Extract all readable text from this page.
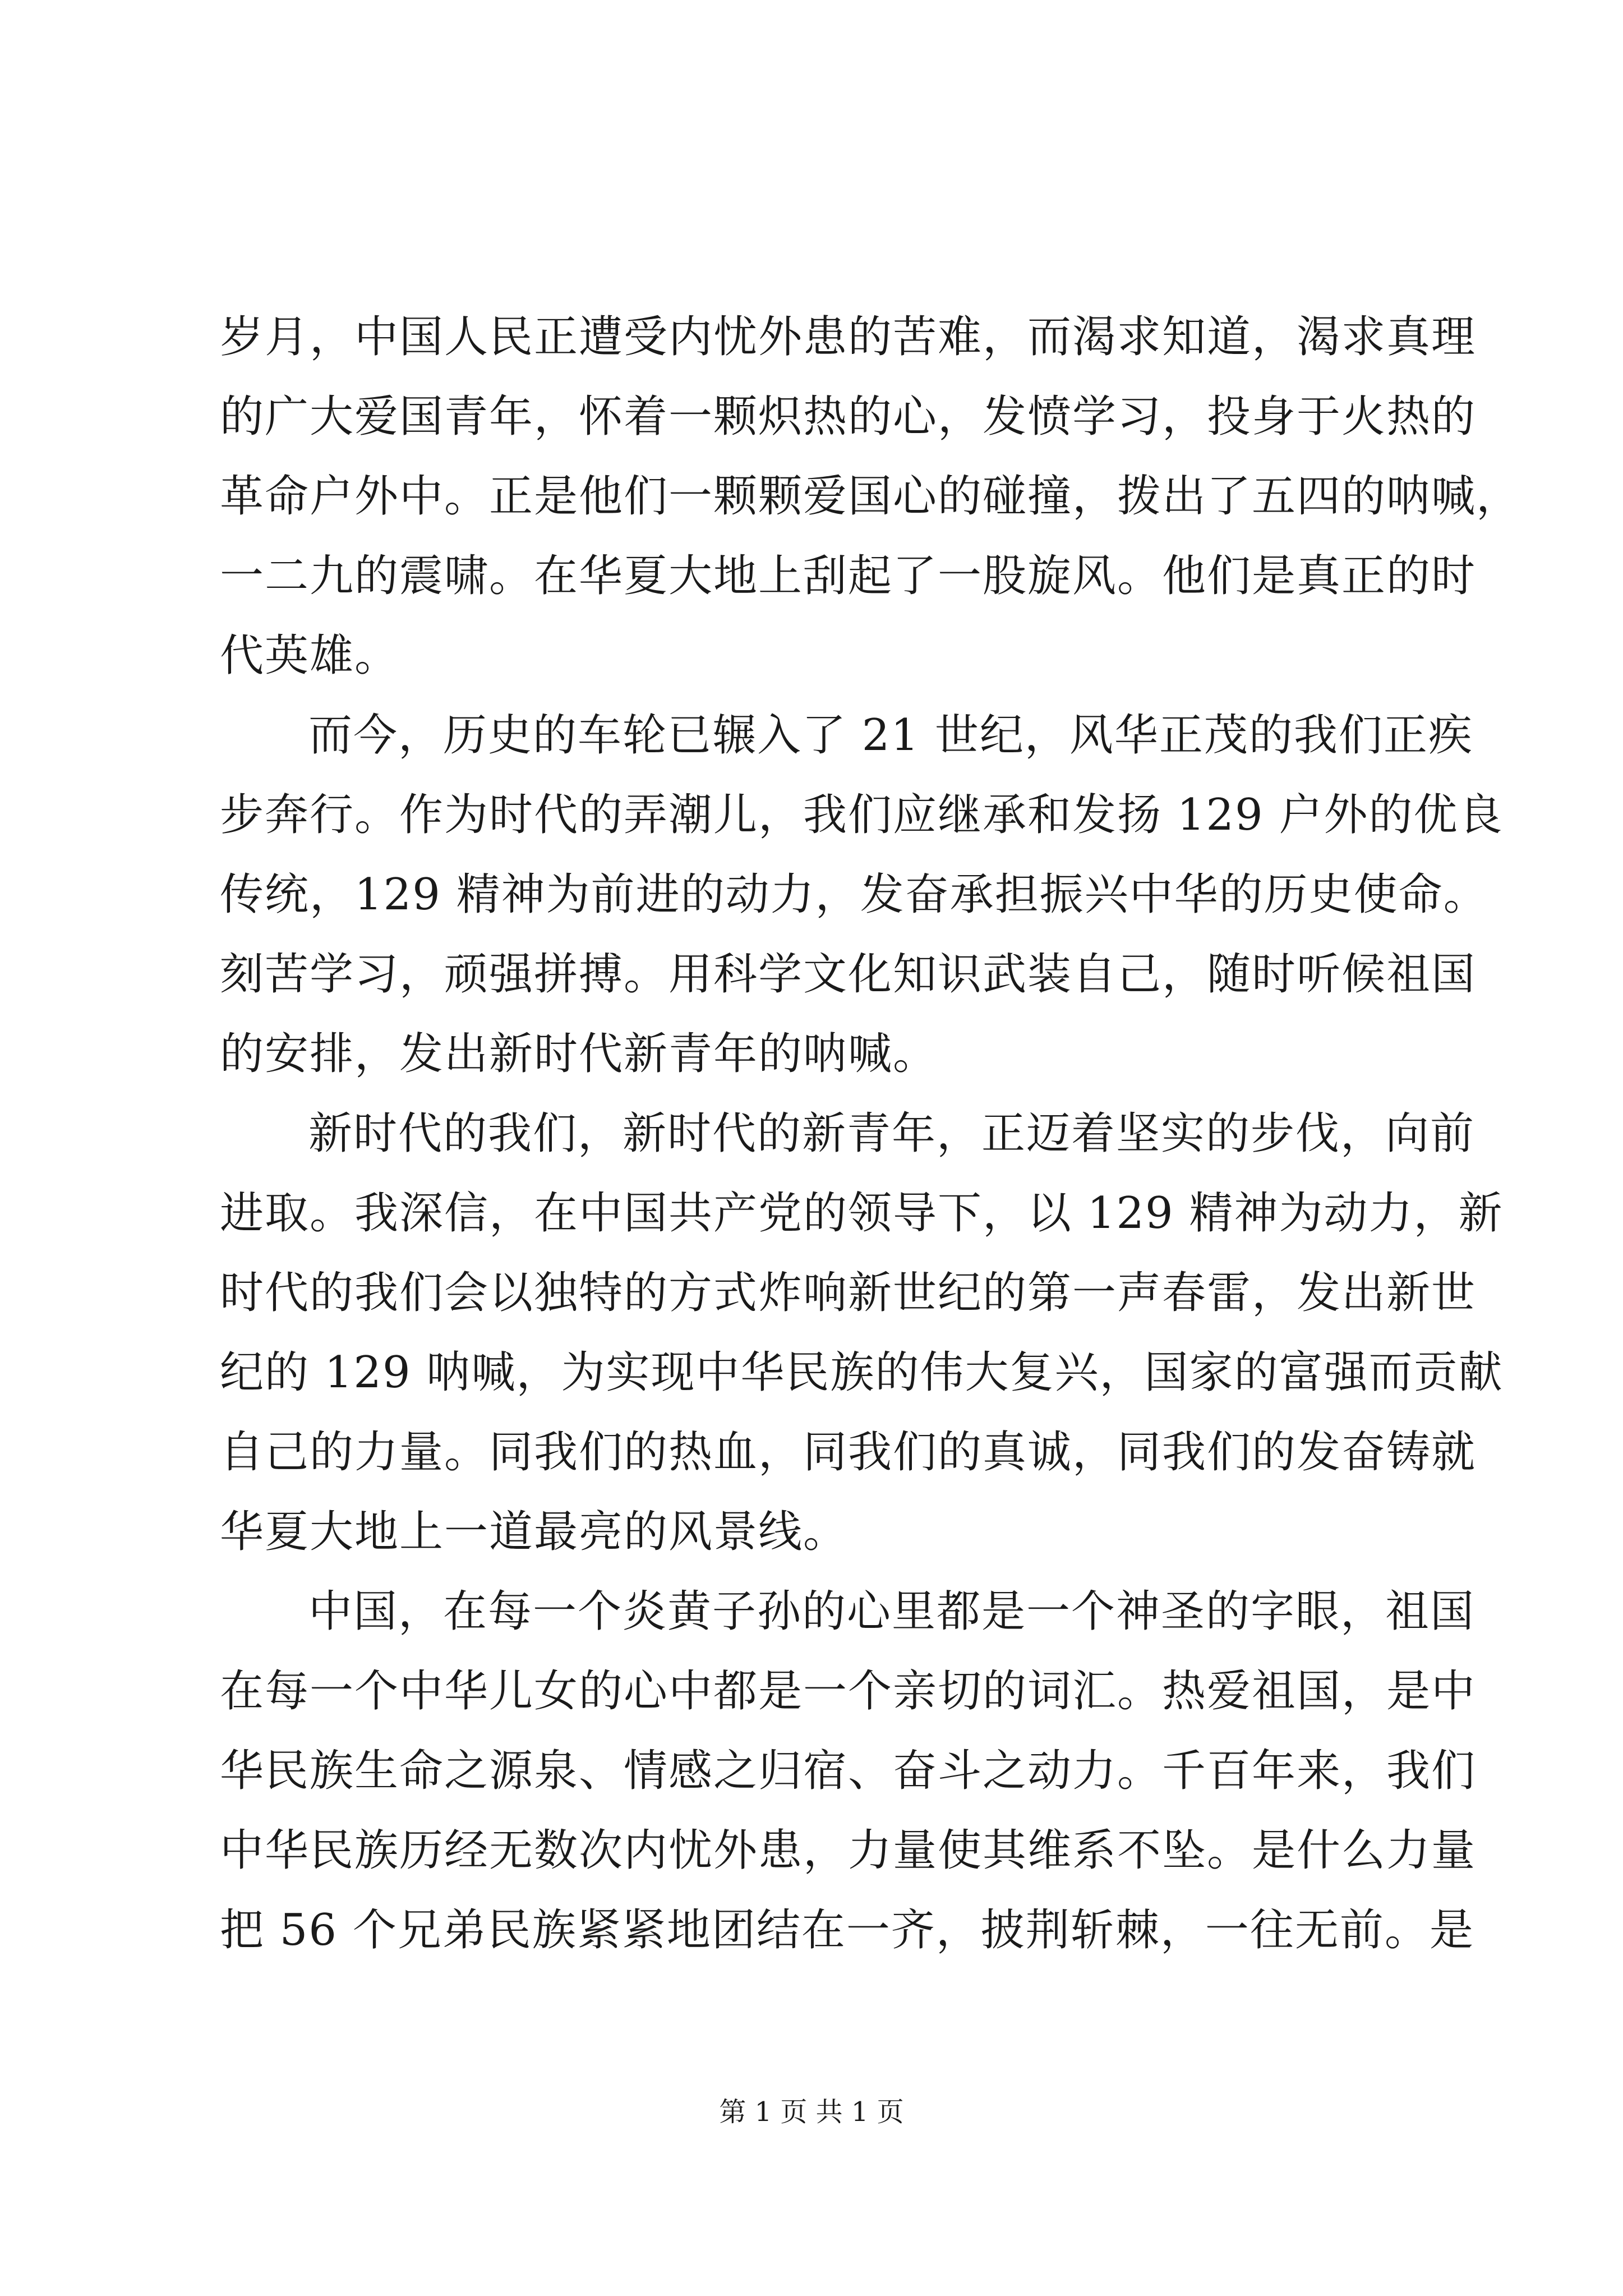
岁月，中国人民正遭受内忧外患的苦难，而渴求知道，渴求真理
的广大爱国青年，怀着一颗炽热的心，发愤学习，投身于火热的
革命户外中。正是他们一颗颗爱国心的碰撞，拨出了五四的呐喊，
一二九的震啸。在华夏大地上刮起了一股旋风。他们是真正的时
代英雄。
而今，历史的车轮已辗入了 21 世纪，风华正茂的我们正疾
步奔行。作为时代的弄潮儿，我们应继承和发扬 129 户外的优良
传统，129 精神为前进的动力，发奋承担振兴中华的历史使命。
刻苦学习，顽强拼搏。用科学文化知识武装自己，随时听候祖国
的安排，发出新时代新青年的呐喊。
新时代的我们，新时代的新青年，正迈着坚实的步伐，向前
进取。我深信，在中国共产党的领导下，以 129 精神为动力，新
时代的我们会以独特的方式炸响新世纪的第一声春雷，发出新世
纪的 129 呐喊，为实现中华民族的伟大复兴，国家的富强而贡献
自己的力量。同我们的热血，同我们的真诚，同我们的发奋铸就
华夏大地上一道最亮的风景线。
中国，在每一个炎黄子孙的心里都是一个神圣的字眼，祖国
在每一个中华儿女的心中都是一个亲切的词汇。热爱祖国，是中
华民族生命之源泉、情感之归宿、奋斗之动力。千百年来，我们
中华民族历经无数次内忧外患，力量使其维系不坠。是什么力量
把 56 个兄弟民族紧紧地团结在一齐，披荆斩棘，一往无前。是
第 1 页 共 1 页
